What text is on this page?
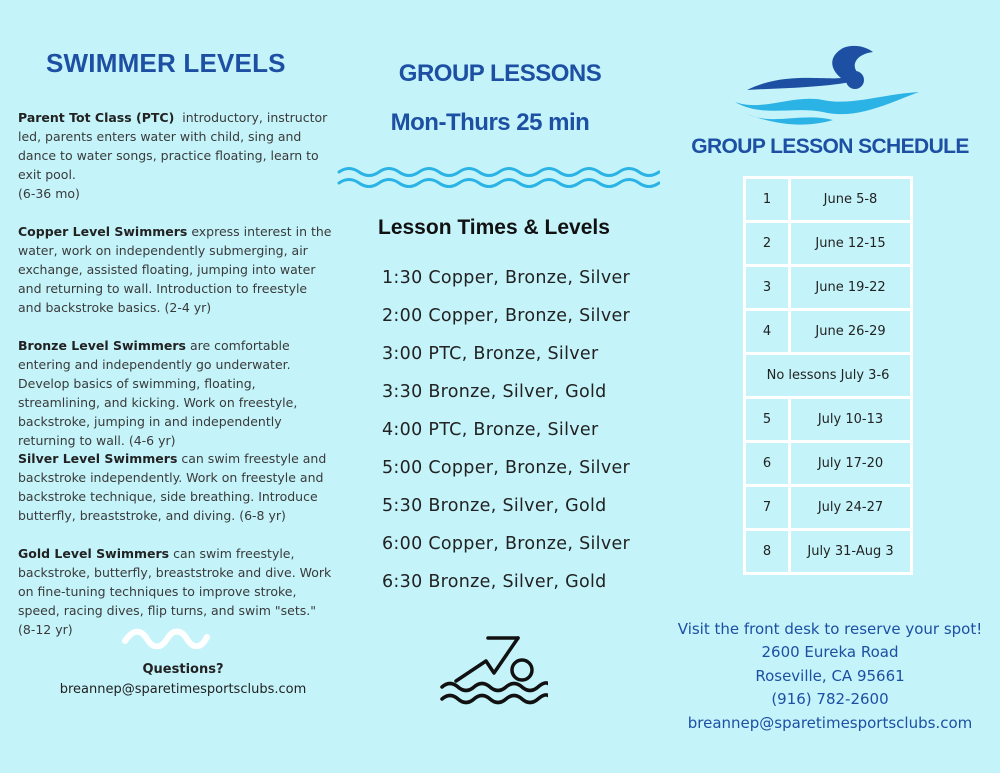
SWIMMER LEVELS
Parent Tot Class (PTC) introductory, instructor led, parents enters water with child, sing and dance to water songs, practice floating, learn to exit pool.
(6-36 mo)
Copper Level Swimmers express interest in the water, work on independently submerging, air exchange, assisted floating, jumping into water and returning to wall. Introduction to freestyle and backstroke basics. (2-4 yr)
Bronze Level Swimmers are comfortable entering and independently go underwater. Develop basics of swimming, floating, streamlining, and kicking. Work on freestyle, backstroke, jumping in and independently returning to wall. (4-6 yr)
Silver Level Swimmers can swim freestyle and backstroke independently. Work on freestyle and backstroke technique, side breathing. Introduce butterfly, breaststroke, and diving. (6-8 yr)
Gold Level Swimmers can swim freestyle, backstroke, butterfly, breaststroke and dive. Work on fine-tuning techniques to improve stroke, speed, racing dives, flip turns, and swim "sets." (8-12 yr)
Questions?
breannep@sparetimesportsclubs.com
GROUP LESSONS
Mon-Thurs 25 min
Lesson Times & Levels
1:30 Copper, Bronze, Silver
2:00 Copper, Bronze, Silver
3:00 PTC, Bronze, Silver
3:30 Bronze, Silver, Gold
4:00 PTC, Bronze, Silver
5:00 Copper, Bronze, Silver
5:30 Bronze, Silver, Gold
6:00 Copper, Bronze, Silver
6:30 Bronze, Silver, Gold
GROUP LESSON SCHEDULE
1	June 5-8
2	June 12-15
3	June 19-22
4	June 26-29
No lessons July 3-6	
5	July 10-13
6	July 17-20
7	July 24-27
8	July 31-Aug 3
Visit the front desk to reserve your spot!
2600 Eureka Road
Roseville, CA 95661
(916) 782-2600
breannep@sparetimesportsclubs.com
